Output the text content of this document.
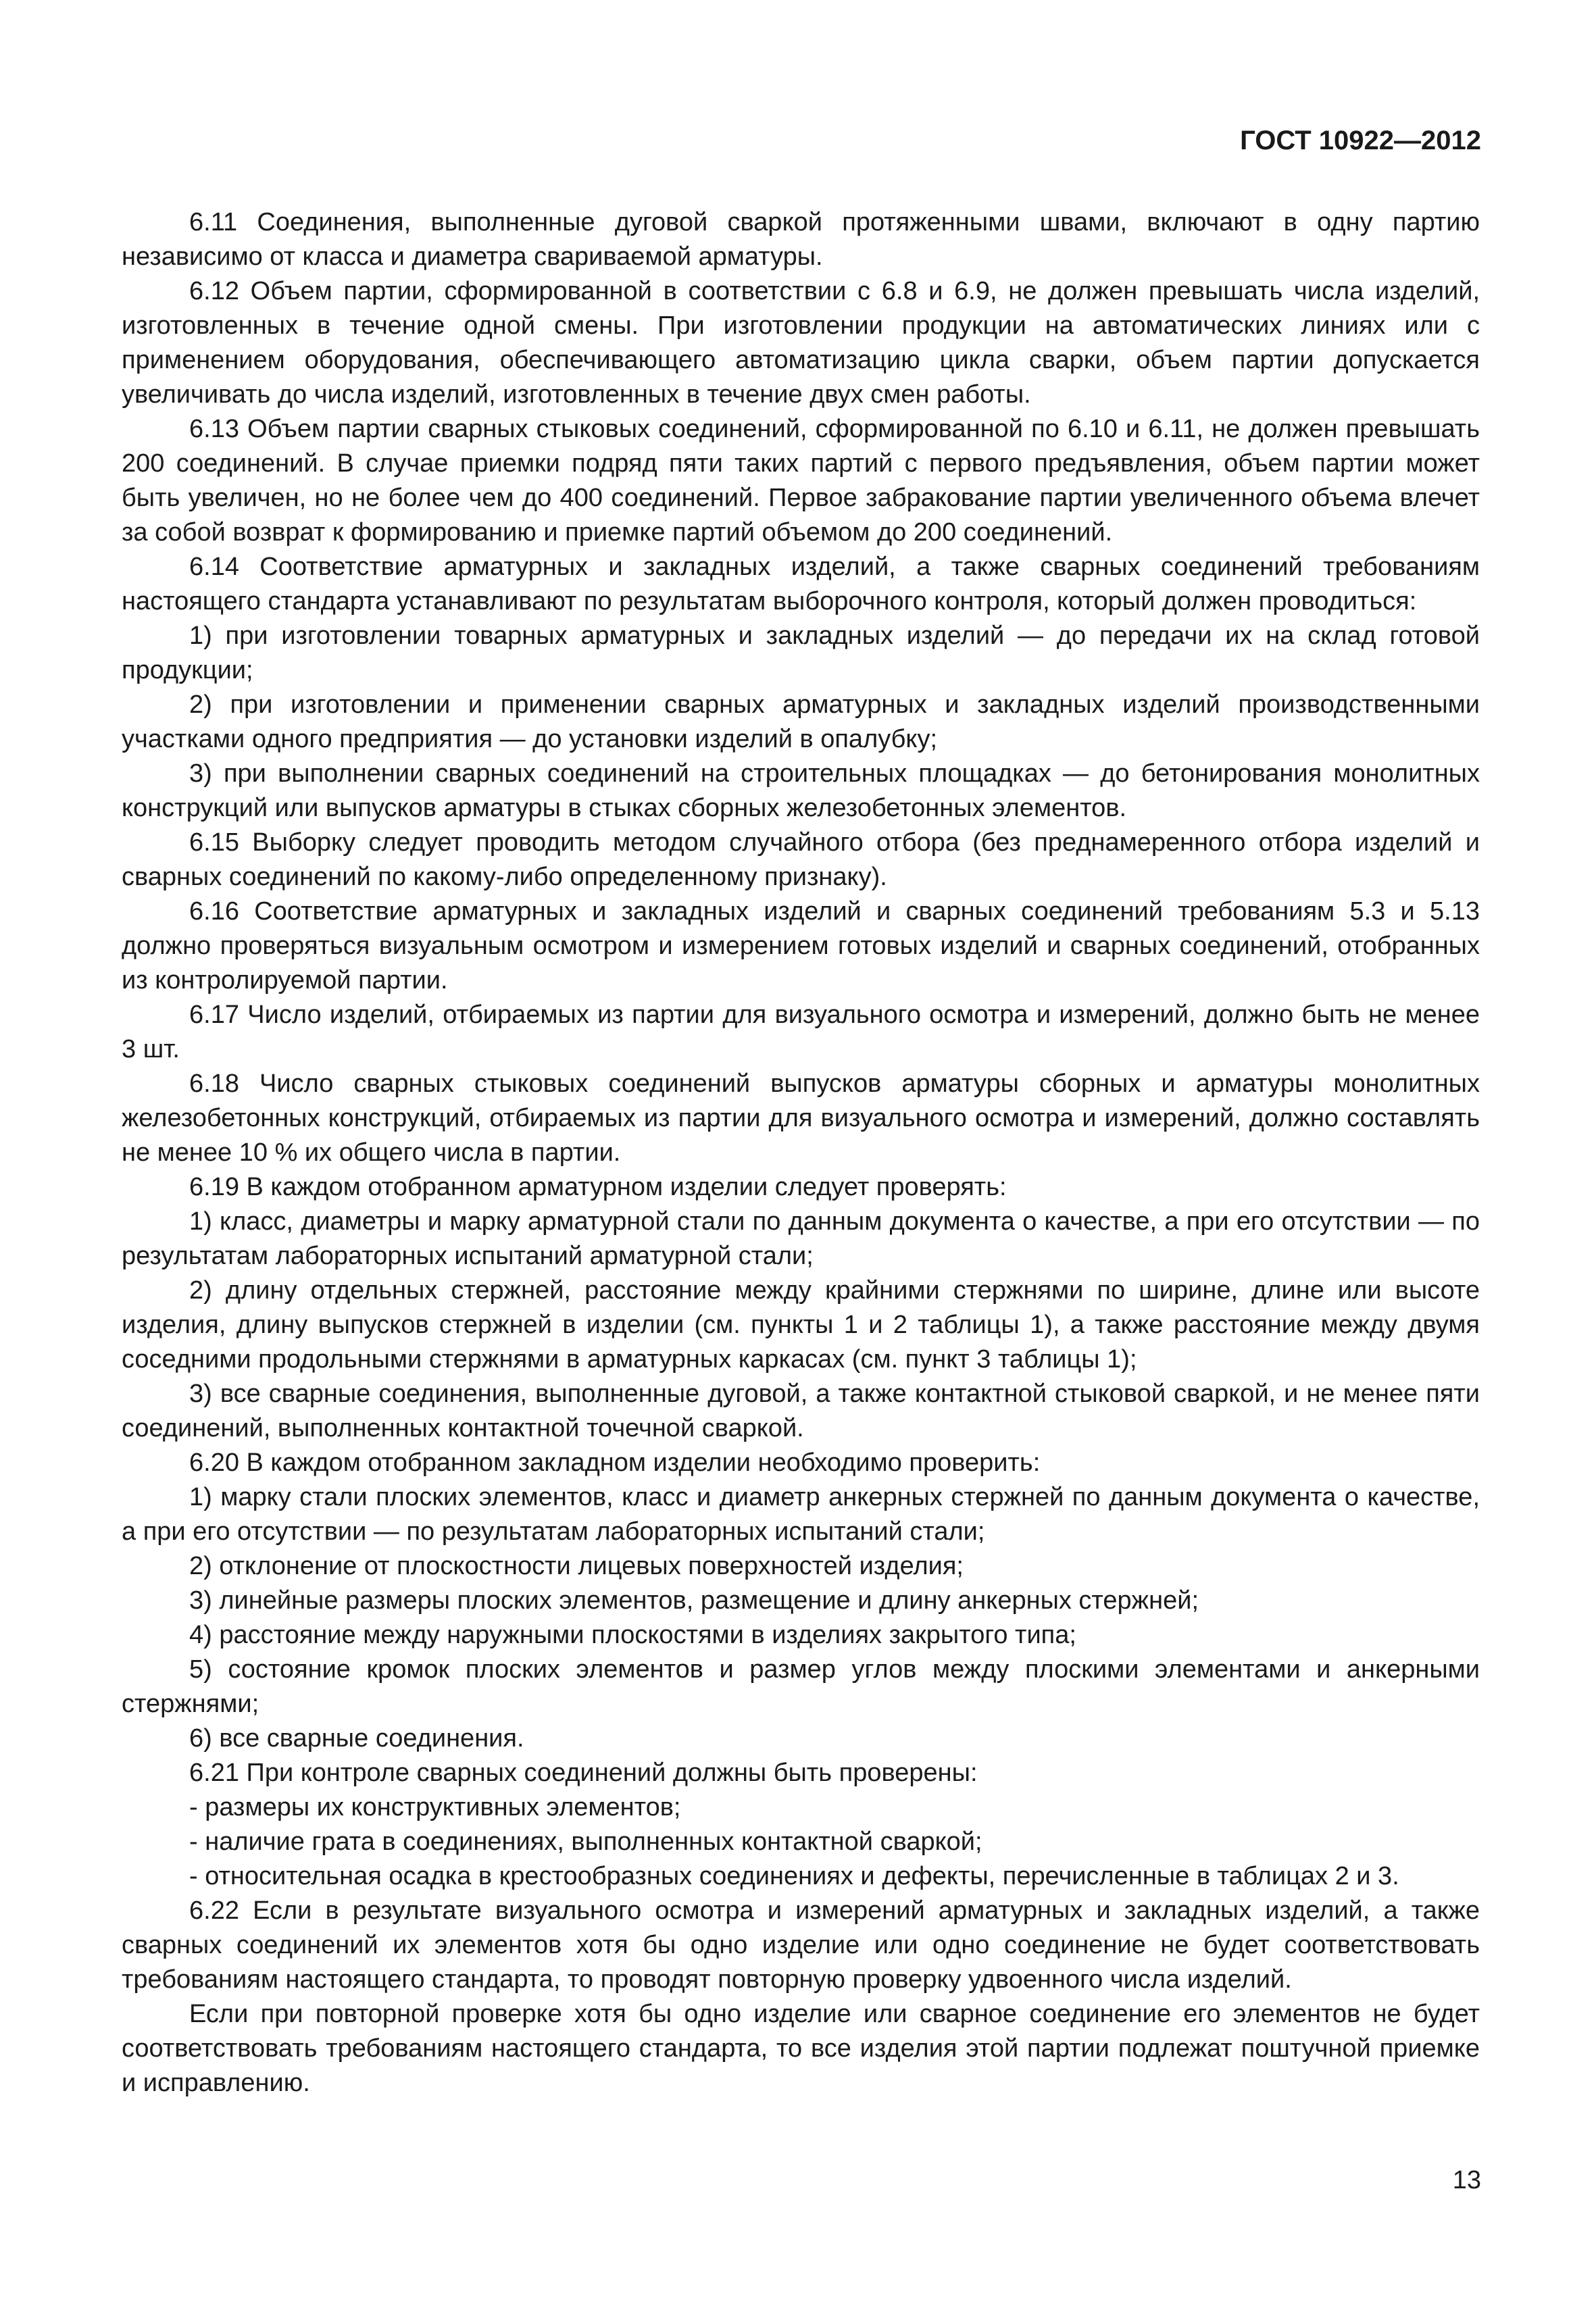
ГОСТ 10922—2012

6.11 Соединения, выполненные дуговой сваркой протяженными швами, включают в одну партию независимо от класса и диаметра свариваемой арматуры.

6.12 Объем партии, сформированной в соответствии с 6.8 и 6.9, не должен превышать числа изделий, изготовленных в течение одной смены. При изготовлении продукции на автоматических линиях или с применением оборудования, обеспечивающего автоматизацию цикла сварки, объем партии допускается увеличивать до числа изделий, изготовленных в течение двух смен работы.

6.13 Объем партии сварных стыковых соединений, сформированной по 6.10 и 6.11, не должен превышать 200 соединений. В случае приемки подряд пяти таких партий с первого предъявления, объем партии может быть увеличен, но не более чем до 400 соединений. Первое забракование партии увеличенного объема влечет за собой возврат к формированию и приемке партий объемом до 200 соединений.

6.14 Соответствие арматурных и закладных изделий, а также сварных соединений требованиям настоящего стандарта устанавливают по результатам выборочного контроля, который должен проводиться:

1) при изготовлении товарных арматурных и закладных изделий — до передачи их на склад готовой продукции;

2) при изготовлении и применении сварных арматурных и закладных изделий производственными участками одного предприятия — до установки изделий в опалубку;

3) при выполнении сварных соединений на строительных площадках — до бетонирования монолитных конструкций или выпусков арматуры в стыках сборных железобетонных элементов.

6.15 Выборку следует проводить методом случайного отбора (без преднамеренного отбора изделий и сварных соединений по какому-либо определенному признаку).

6.16 Соответствие арматурных и закладных изделий и сварных соединений требованиям 5.3 и 5.13 должно проверяться визуальным осмотром и измерением готовых изделий и сварных соединений, отобранных из контролируемой партии.

6.17 Число изделий, отбираемых из партии для визуального осмотра и измерений, должно быть не менее 3 шт.

6.18 Число сварных стыковых соединений выпусков арматуры сборных и арматуры монолитных железобетонных конструкций, отбираемых из партии для визуального осмотра и измерений, должно составлять не менее 10 % их общего числа в партии.

6.19 В каждом отобранном арматурном изделии следует проверять:

1) класс, диаметры и марку арматурной стали по данным документа о качестве, а при его отсутствии — по результатам лабораторных испытаний арматурной стали;

2) длину отдельных стержней, расстояние между крайними стержнями по ширине, длине или высоте изделия, длину выпусков стержней в изделии (см. пункты 1 и 2 таблицы 1), а также расстояние между двумя соседними продольными стержнями в арматурных каркасах (см. пункт 3 таблицы 1);

3) все сварные соединения, выполненные дуговой, а также контактной стыковой сваркой, и не менее пяти соединений, выполненных контактной точечной сваркой.

6.20 В каждом отобранном закладном изделии необходимо проверить:

1) марку стали плоских элементов, класс и диаметр анкерных стержней по данным документа о качестве, а при его отсутствии — по результатам лабораторных испытаний стали;

2) отклонение от плоскостности лицевых поверхностей изделия;

3) линейные размеры плоских элементов, размещение и длину анкерных стержней;

4) расстояние между наружными плоскостями в изделиях закрытого типа;

5) состояние кромок плоских элементов и размер углов между плоскими элементами и анкерными стержнями;

6) все сварные соединения.

6.21 При контроле сварных соединений должны быть проверены:

- размеры их конструктивных элементов;

- наличие грата в соединениях, выполненных контактной сваркой;

- относительная осадка в крестообразных соединениях и дефекты, перечисленные в таблицах 2 и 3.

6.22 Если в результате визуального осмотра и измерений арматурных и закладных изделий, а также сварных соединений их элементов хотя бы одно изделие или одно соединение не будет соответствовать требованиям настоящего стандарта, то проводят повторную проверку удвоенного числа изделий.

Если при повторной проверке хотя бы одно изделие или сварное соединение его элементов не будет соответствовать требованиям настоящего стандарта, то все изделия этой партии подлежат поштучной приемке и исправлению.

13
